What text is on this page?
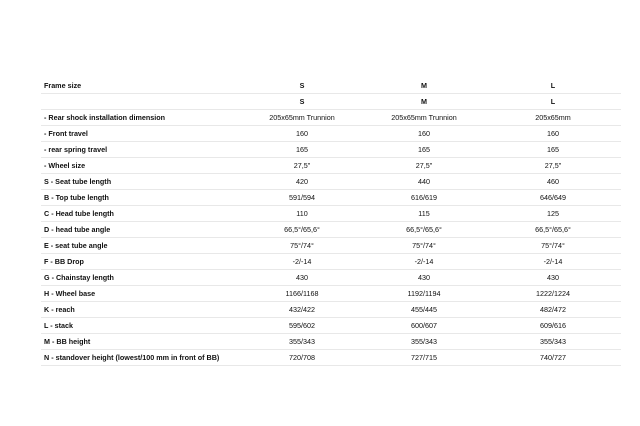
Frame size	S	M	L
	S	M	L
- Rear shock installation dimension	205x65mm Trunnion	205x65mm Trunnion	205x65mm
- Front travel	160	160	160
- rear spring travel	165	165	165
- Wheel size	27,5"	27,5"	27,5"
S - Seat tube length	420	440	460
B - Top tube length	591/594	616/619	646/649
C - Head tube length	110	115	125
D - head tube angle	66,5°/65,6°	66,5°/65,6°	66,5°/65,6°
E - seat tube angle	75°/74°	75°/74°	75°/74°
F - BB Drop	-2/-14	-2/-14	-2/-14
G - Chainstay length	430	430	430
H - Wheel base	1166/1168	1192/1194	1222/1224
K - reach	432/422	455/445	482/472
L - stack	595/602	600/607	609/616
M - BB height	355/343	355/343	355/343
N - standover height (lowest/100 mm in front of BB)	720/708	727/715	740/727
